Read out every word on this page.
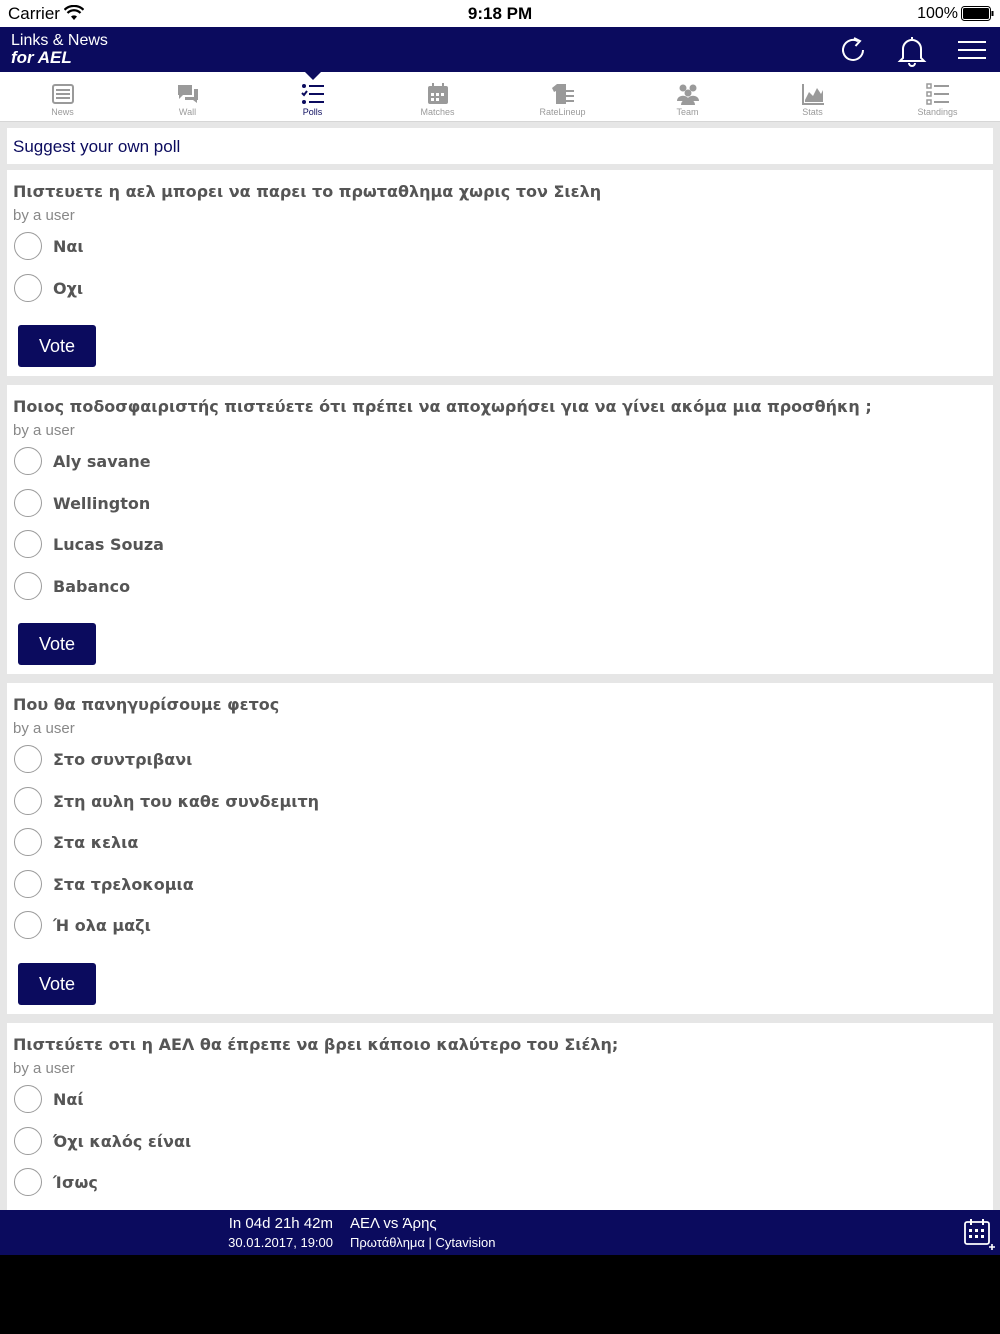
Carrier	9:18 PM	100%
Links & News
for AEL
News	Wall	Polls	Matches	RateLineup	Team	Stats	Standings
Suggest your own poll
Πιστευετε η αελ μπορει να παρει το πρωταθλημα χωρις τον Σιελη
by a user
Ναι
Οχι
Vote
Ποιος ποδοσφαιριστής πιστεύετε ότι πρέπει να αποχωρήσει για να γίνει ακόμα μια προσθήκη ;
by a user
Aly savane
Wellington
Lucas Souza
Babanco
Vote
Που θα πανηγυρίσουμε φετος
by a user
Στο συντριβανι
Στη αυλη του καθε συνδεμιτη
Στα κελια
Στα τρελοκομια
Ή ολα μαζι
Vote
Πιστεύετε οτι η ΑΕΛ θα έπρεπε να βρει κάποιο καλύτερο του Σιέλη;
by a user
Ναί
Όχι καλός είναι
Ίσως
In 04d 21h 42m
30.01.2017, 19:00
ΑΕΛ vs Άρης
Πρωτάθλημα | Cytavision
